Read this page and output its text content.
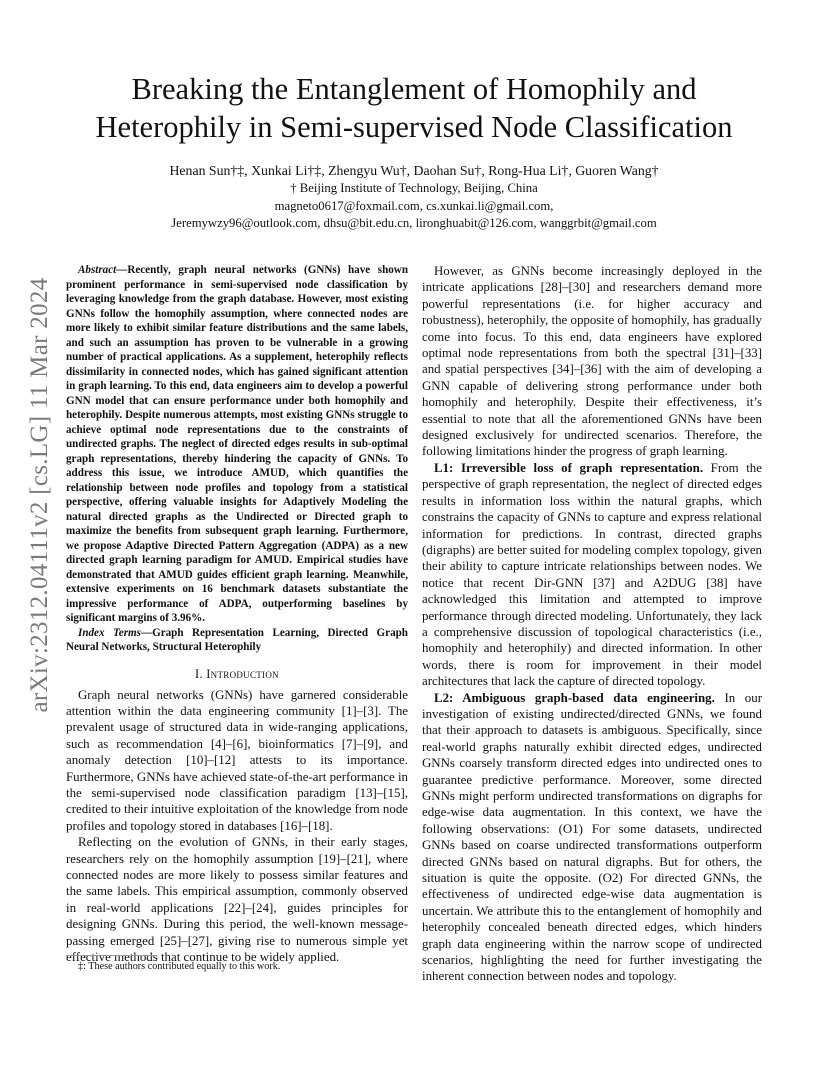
arXiv:2312.04111v2 [cs.LG] 11 Mar 2024
Breaking the Entanglement of Homophily and Heterophily in Semi-supervised Node Classification
Henan Sun†‡, Xunkai Li†‡, Zhengyu Wu†, Daohan Su†, Rong-Hua Li†, Guoren Wang†
† Beijing Institute of Technology, Beijing, China
magneto0617@foxmail.com, cs.xunkai.li@gmail.com,
Jeremywzy96@outlook.com, dhsu@bit.edu.cn, lironghuabit@126.com, wanggrbit@gmail.com

Abstract—Recently, graph neural networks (GNNs) have shown prominent performance in semi-supervised node classification by leveraging knowledge from the graph database. However, most existing GNNs follow the homophily assumption, where connected nodes are more likely to exhibit similar feature distributions and the same labels, and such an assumption has proven to be vulnerable in a growing number of practical applications. As a supplement, heterophily reflects dissimilarity in connected nodes, which has gained significant attention in graph learning. To this end, data engineers aim to develop a powerful GNN model that can ensure performance under both homophily and heterophily. Despite numerous attempts, most existing GNNs struggle to achieve optimal node representations due to the constraints of undirected graphs. The neglect of directed edges results in sub-optimal graph representations, thereby hindering the capacity of GNNs. To address this issue, we introduce AMUD, which quantifies the relationship between node profiles and topology from a statistical perspective, offering valuable insights for Adaptively Modeling the natural directed graphs as the Undirected or Directed graph to maximize the benefits from subsequent graph learning. Furthermore, we propose Adaptive Directed Pattern Aggregation (ADPA) as a new directed graph learning paradigm for AMUD. Empirical studies have demonstrated that AMUD guides efficient graph learning. Meanwhile, extensive experiments on 16 benchmark datasets substantiate the impressive performance of ADPA, outperforming baselines by significant margins of 3.96%.

Index Terms—Graph Representation Learning, Directed Graph Neural Networks, Structural Heterophily

I. Introduction

Graph neural networks (GNNs) have garnered considerable attention within the data engineering community [1]–[3]. The prevalent usage of structured data in wide-ranging applications, such as recommendation [4]–[6], bioinformatics [7]–[9], and anomaly detection [10]–[12] attests to its importance. Furthermore, GNNs have achieved state-of-the-art performance in the semi-supervised node classification paradigm [13]–[15], credited to their intuitive exploitation of the knowledge from node profiles and topology stored in databases [16]–[18].

Reflecting on the evolution of GNNs, in their early stages, researchers rely on the homophily assumption [19]–[21], where connected nodes are more likely to possess similar features and the same labels. This empirical assumption, commonly observed in real-world applications [22]–[24], guides principles for designing GNNs. During this period, the well-known message-passing emerged [25]–[27], giving rise to numerous simple yet effective methods that continue to be widely applied.

‡: These authors contributed equally to this work.

However, as GNNs become increasingly deployed in the intricate applications [28]–[30] and researchers demand more powerful representations (i.e. for higher accuracy and robustness), heterophily, the opposite of homophily, has gradually come into focus. To this end, data engineers have explored optimal node representations from both the spectral [31]–[33] and spatial perspectives [34]–[36] with the aim of developing a GNN capable of delivering strong performance under both homophily and heterophily. Despite their effectiveness, it’s essential to note that all the aforementioned GNNs have been designed exclusively for undirected scenarios. Therefore, the following limitations hinder the progress of graph learning.

L1: Irreversible loss of graph representation. From the perspective of graph representation, the neglect of directed edges results in information loss within the natural graphs, which constrains the capacity of GNNs to capture and express relational information for predictions. In contrast, directed graphs (digraphs) are better suited for modeling complex topology, given their ability to capture intricate relationships between nodes. We notice that recent Dir-GNN [37] and A2DUG [38] have acknowledged this limitation and attempted to improve performance through directed modeling. Unfortunately, they lack a comprehensive discussion of topological characteristics (i.e., homophily and heterophily) and directed information. In other words, there is room for improvement in their model architectures that lack the capture of directed topology.

L2: Ambiguous graph-based data engineering. In our investigation of existing undirected/directed GNNs, we found that their approach to datasets is ambiguous. Specifically, since real-world graphs naturally exhibit directed edges, undirected GNNs coarsely transform directed edges into undirected ones to guarantee predictive performance. Moreover, some directed GNNs might perform undirected transformations on digraphs for edge-wise data augmentation. In this context, we have the following observations: (O1) For some datasets, undirected GNNs based on coarse undirected transformations outperform directed GNNs based on natural digraphs. But for others, the situation is quite the opposite. (O2) For directed GNNs, the effectiveness of undirected edge-wise data augmentation is uncertain. We attribute this to the entanglement of homophily and heterophily concealed beneath directed edges, which hinders graph data engineering within the narrow scope of undirected scenarios, highlighting the need for further investigating the inherent connection between nodes and topology.
